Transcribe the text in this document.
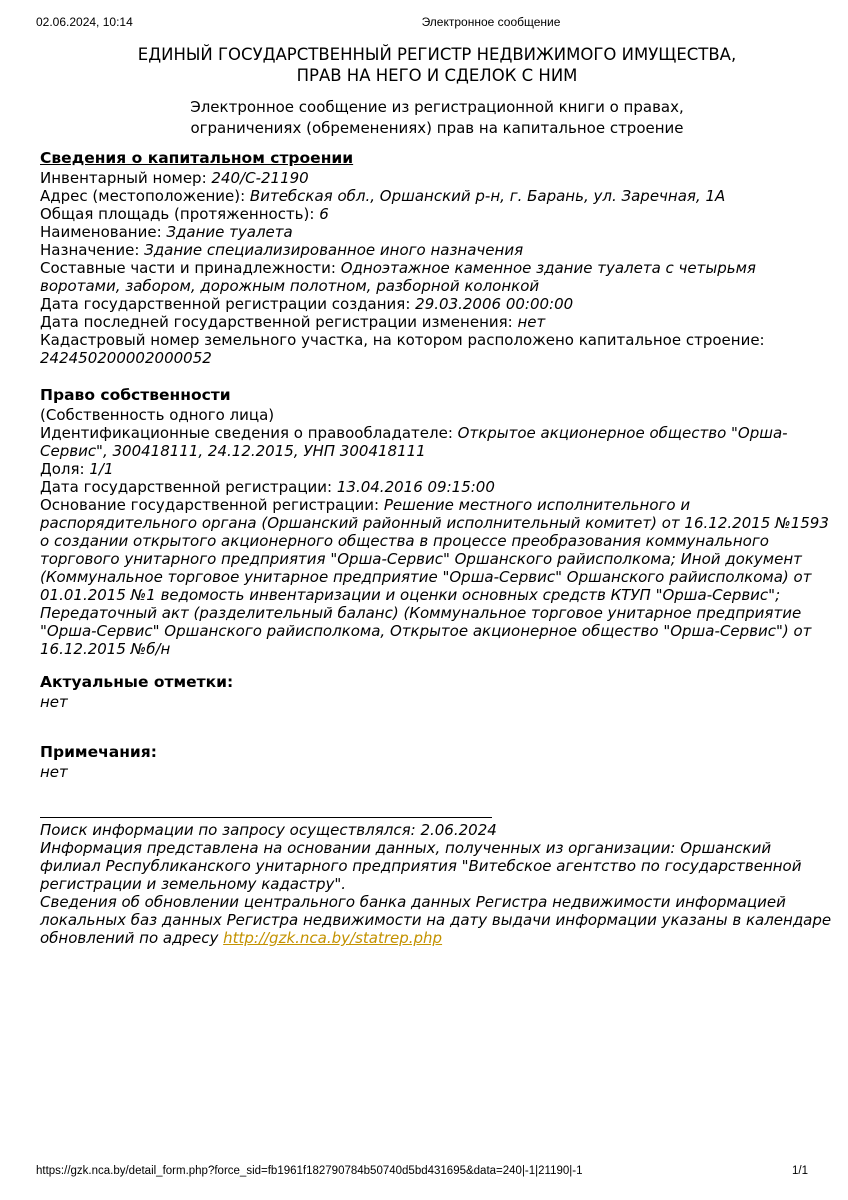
02.06.2024, 10:14	Электронное сообщение
ЕДИНЫЙ ГОСУДАРСТВЕННЫЙ РЕГИСТР НЕДВИЖИМОГО ИМУЩЕСТВА,
ПРАВ НА НЕГО И СДЕЛОК С НИМ

Электронное сообщение из регистрационной книги о правах,
ограничениях (обременениях) прав на капитальное строение

Сведения о капитальном строении

Инвентарный номер: 240/С-21190

Адрес (местоположение): Витебская обл., Оршанский р-н, г. Барань, ул. Заречная, 1А

Общая площадь (протяженность): 6

Наименование: Здание туалета

Назначение: Здание специализированное иного назначения

Составные части и принадлежности: Одноэтажное каменное здание туалета с четырьмя воротами, забором, дорожным полотном, разборной колонкой

Дата государственной регистрации создания: 29.03.2006 00:00:00

Дата последней государственной регистрации изменения: нет

Кадастровый номер земельного участка, на котором расположено капитальное строение: 242450200002000052

Право собственности

(Собственность одного лица)

Идентификационные сведения о правообладателе: Открытое акционерное общество "Орша-Сервис", 300418111, 24.12.2015, УНП 300418111

Доля: 1/1

Дата государственной регистрации: 13.04.2016 09:15:00

Основание государственной регистрации: Решение местного исполнительного и распорядительного органа (Оршанский районный исполнительный комитет) от 16.12.2015 №1593 о создании открытого акционерного общества в процессе преобразования коммунального торгового унитарного предприятия "Орша-Сервис" Оршанского райисполкома; Иной документ (Коммунальное торговое унитарное предприятие "Орша-Сервис" Оршанского райисполкома) от 01.01.2015 №1 ведомость инвентаризации и оценки основных средств КТУП "Орша-Сервис"; Передаточный акт (разделительный баланс) (Коммунальное торговое унитарное предприятие "Орша-Сервис" Оршанского райисполкома, Открытое акционерное общество "Орша-Сервис") от 16.12.2015 №б/н

Актуальные отметки:

нет

Примечания:

нет

Поиск информации по запросу осуществлялся: 2.06.2024

Информация представлена на основании данных, полученных из организации: Оршанский филиал Республиканского унитарного предприятия "Витебское агентство по государственной регистрации и земельному кадастру".

Сведения об обновлении центрального банка данных Регистра недвижимости информацией локальных баз данных Регистра недвижимости на дату выдачи информации указаны в календаре обновлений по адресу http://gzk.nca.by/statrep.php

https://gzk.nca.by/detail_form.php?force_sid=fb1961f182790784b50740d5bd431695&data=240|-1|21190|-1	1/1
